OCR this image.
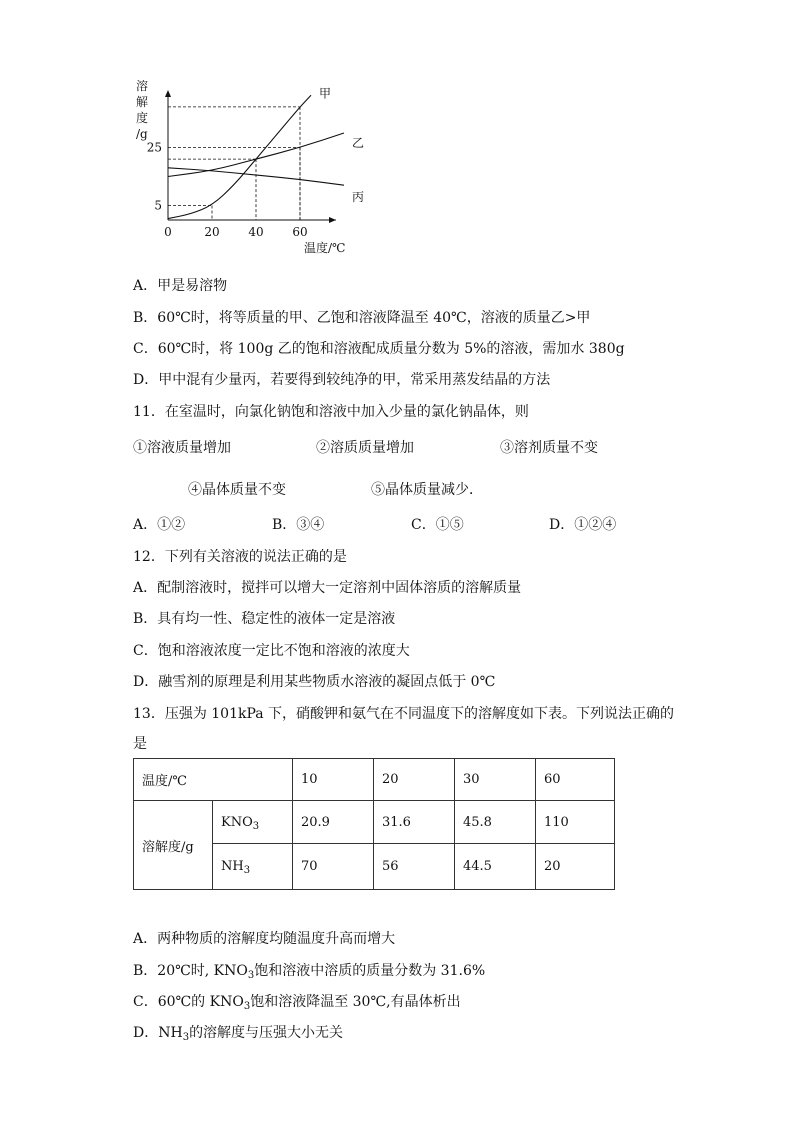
甲
乙
丙
0	20 40 60
5
25
溶
解
度
/g
温度/℃
A．甲是易溶物
B．60℃时，将等质量的甲、乙饱和溶液降温至 40℃，溶液的质量乙>甲
C．60℃时，将 100g 乙的饱和溶液配成质量分数为 5%的溶液，需加水 380g
D．甲中混有少量丙，若要得到较纯净的甲，常采用蒸发结晶的方法
11．在室温时，向氯化钠饱和溶液中加入少量的氯化钠晶体，则
①溶液质量增加	②溶质质量增加	③溶剂质量不变
④晶体质量不变	⑤晶体质量减少．
A．①②	B．③④	C．①⑤	D．①②④
12．下列有关溶液的说法正确的是
A．配制溶液时，搅拌可以增大一定溶剂中固体溶质的溶解质量
B．具有均一性、稳定性的液体一定是溶液
C．饱和溶液浓度一定比不饱和溶液的浓度大
D．融雪剂的原理是利用某些物质水溶液的凝固点低于 0℃
13．压强为 101kPa 下，硝酸钾和氨气在不同温度下的溶解度如下表。下列说法正确的
是
温度/℃		10	20	30	60
溶解度/g	$KNO_3$	20.9	31.6	45.8	110
	$NH_3$	70	56	44.5	20
A．两种物质的溶解度均随温度升高而增大
B．20℃时, $KNO_3$饱和溶液中溶质的质量分数为 31.6%
C．60℃的 $KNO_3$饱和溶液降温至 30℃,有晶体析出
D．$NH_3$的溶解度与压强大小无关
